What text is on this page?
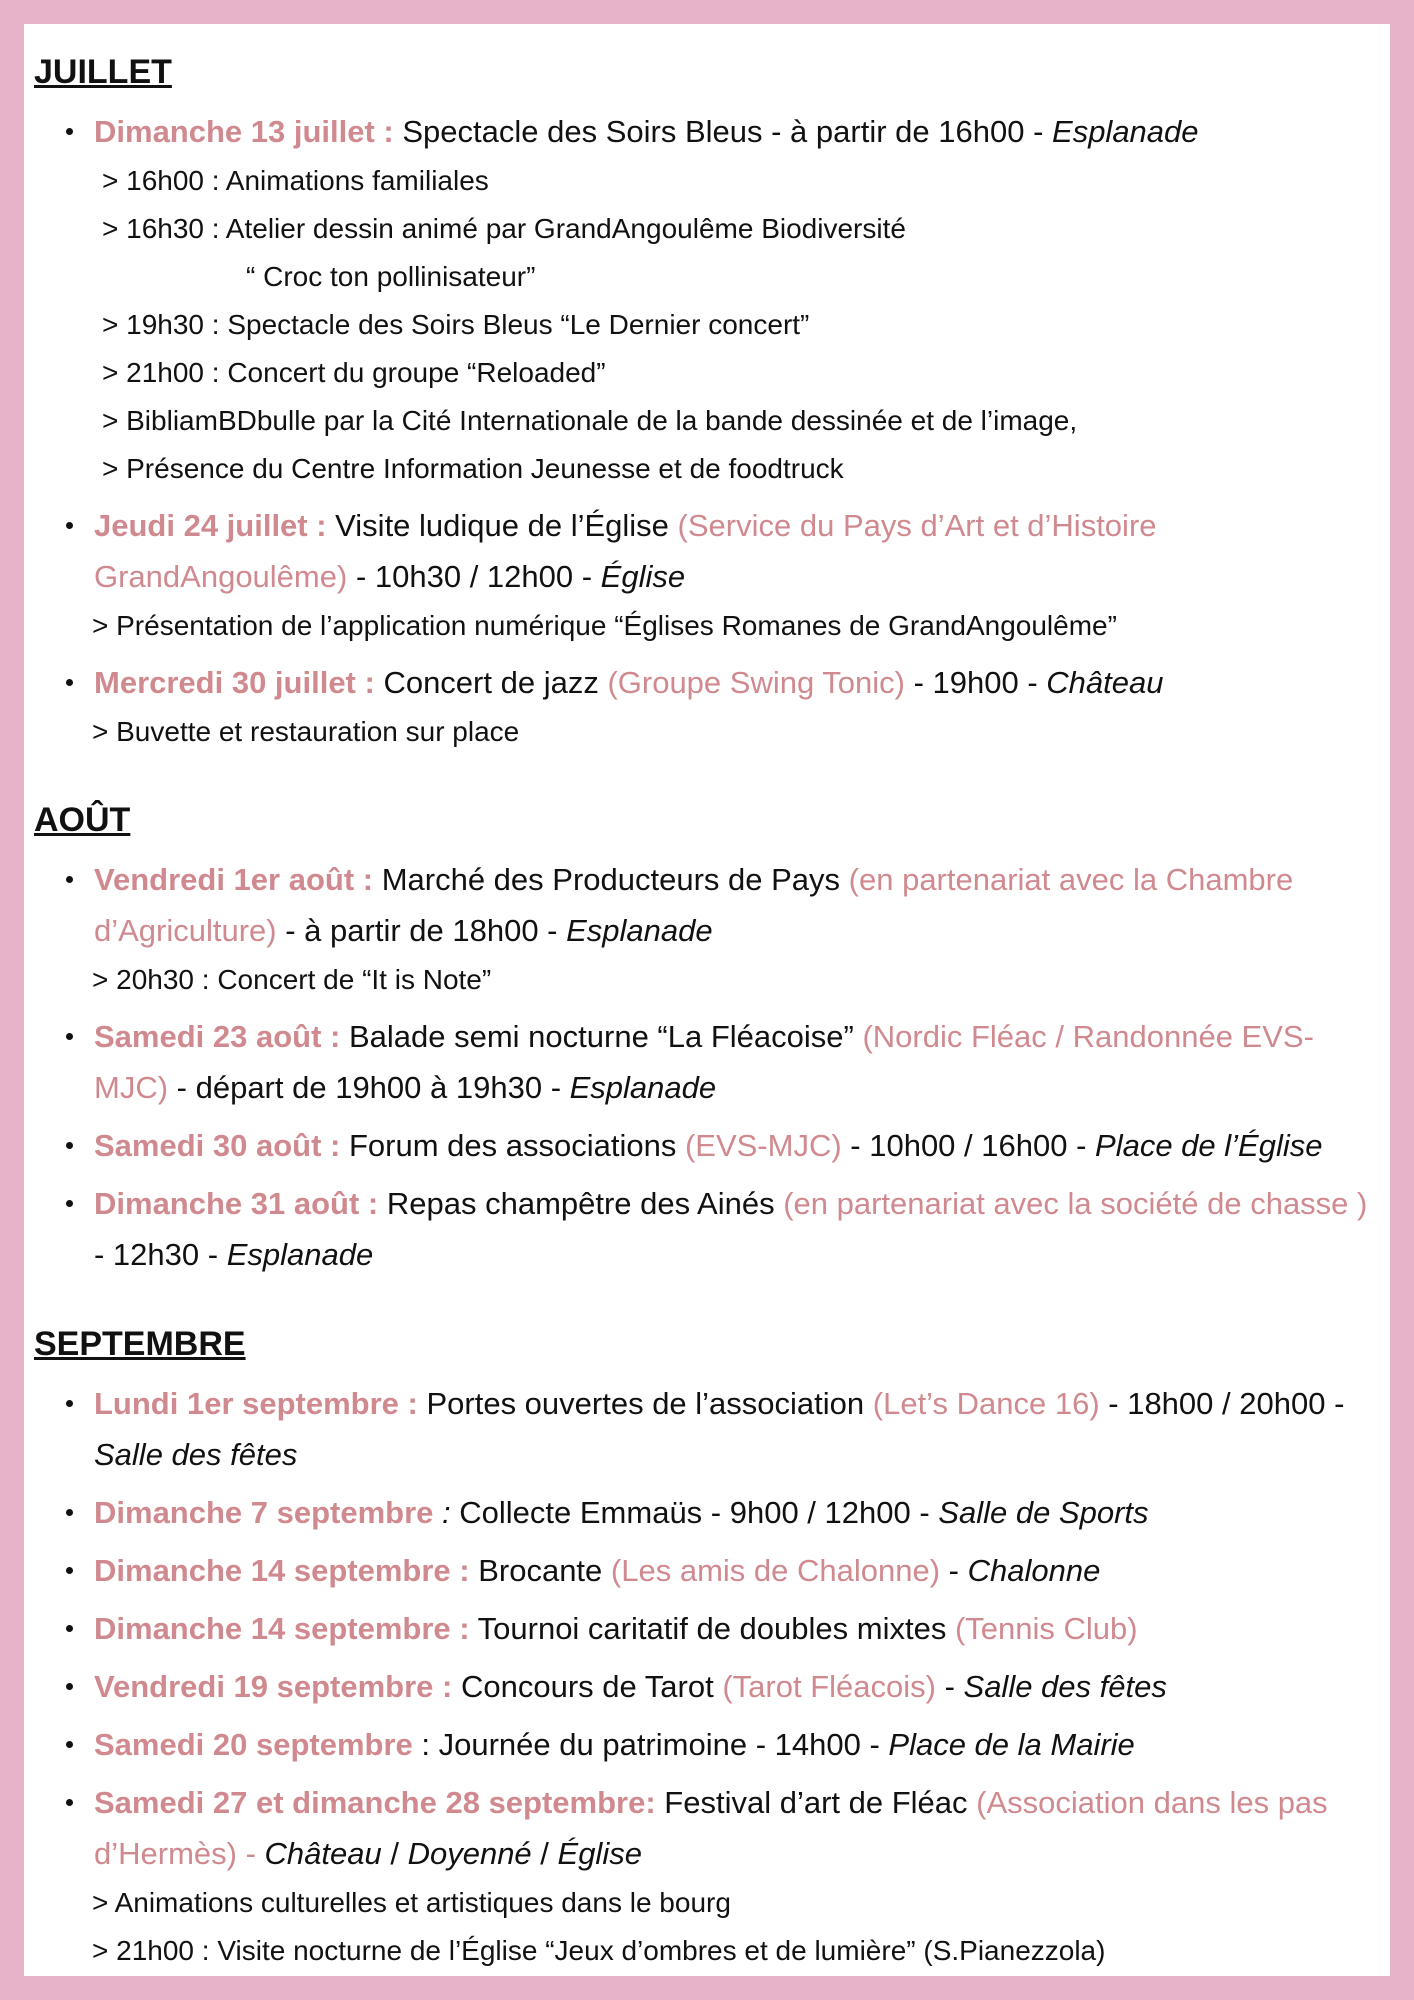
JUILLET
Dimanche 13 juillet : Spectacle des Soirs Bleus - à partir de 16h00 - Esplanade
> 16h00 : Animations familiales
> 16h30 : Atelier dessin animé par GrandAngoulême Biodiversité
“ Croc ton pollinisateur”
> 19h30 : Spectacle des Soirs Bleus “Le Dernier concert”
> 21h00 : Concert du groupe “Reloaded”
> BibliamBDbulle par la Cité Internationale de la bande dessinée et de l’image,
> Présence du Centre Information Jeunesse et de foodtruck
Jeudi 24 juillet : Visite ludique de l’Église (Service du Pays d’Art et d’Histoire GrandAngoulême) - 10h30 / 12h00 - Église
> Présentation de l’application numérique “Églises Romanes de GrandAngoulême”
Mercredi 30 juillet : Concert de jazz (Groupe Swing Tonic) - 19h00 - Château
> Buvette et restauration sur place
AOÛT
Vendredi 1er août : Marché des Producteurs de Pays (en partenariat avec la Chambre d’Agriculture) - à partir de 18h00 - Esplanade
> 20h30 : Concert de “It is Note”
Samedi 23 août : Balade semi nocturne “La Fléacoise” (Nordic Fléac / Randonnée EVS-MJC) - départ de 19h00 à 19h30 - Esplanade
Samedi 30 août : Forum des associations (EVS-MJC) - 10h00 / 16h00 - Place de l’Église
Dimanche 31 août : Repas champêtre des Ainés (en partenariat avec la société de chasse ) - 12h30 - Esplanade
SEPTEMBRE
Lundi 1er septembre : Portes ouvertes de l’association (Let’s Dance 16) - 18h00 / 20h00 - Salle des fêtes
Dimanche 7 septembre : Collecte Emmaüs - 9h00 / 12h00 - Salle de Sports
Dimanche 14 septembre : Brocante (Les amis de Chalonne) - Chalonne
Dimanche 14 septembre : Tournoi caritatif de doubles mixtes (Tennis Club)
Vendredi 19 septembre : Concours de Tarot (Tarot Fléacois) - Salle des fêtes
Samedi 20 septembre : Journée du patrimoine - 14h00 - Place de la Mairie
Samedi 27 et dimanche 28 septembre: Festival d’art de Fléac (Association dans les pas d’Hermès) - Château / Doyenné / Église
> Animations culturelles et artistiques dans le bourg
> 21h00 : Visite nocturne de l’Église “Jeux d’ombres et de lumière” (S.Pianezzola)
